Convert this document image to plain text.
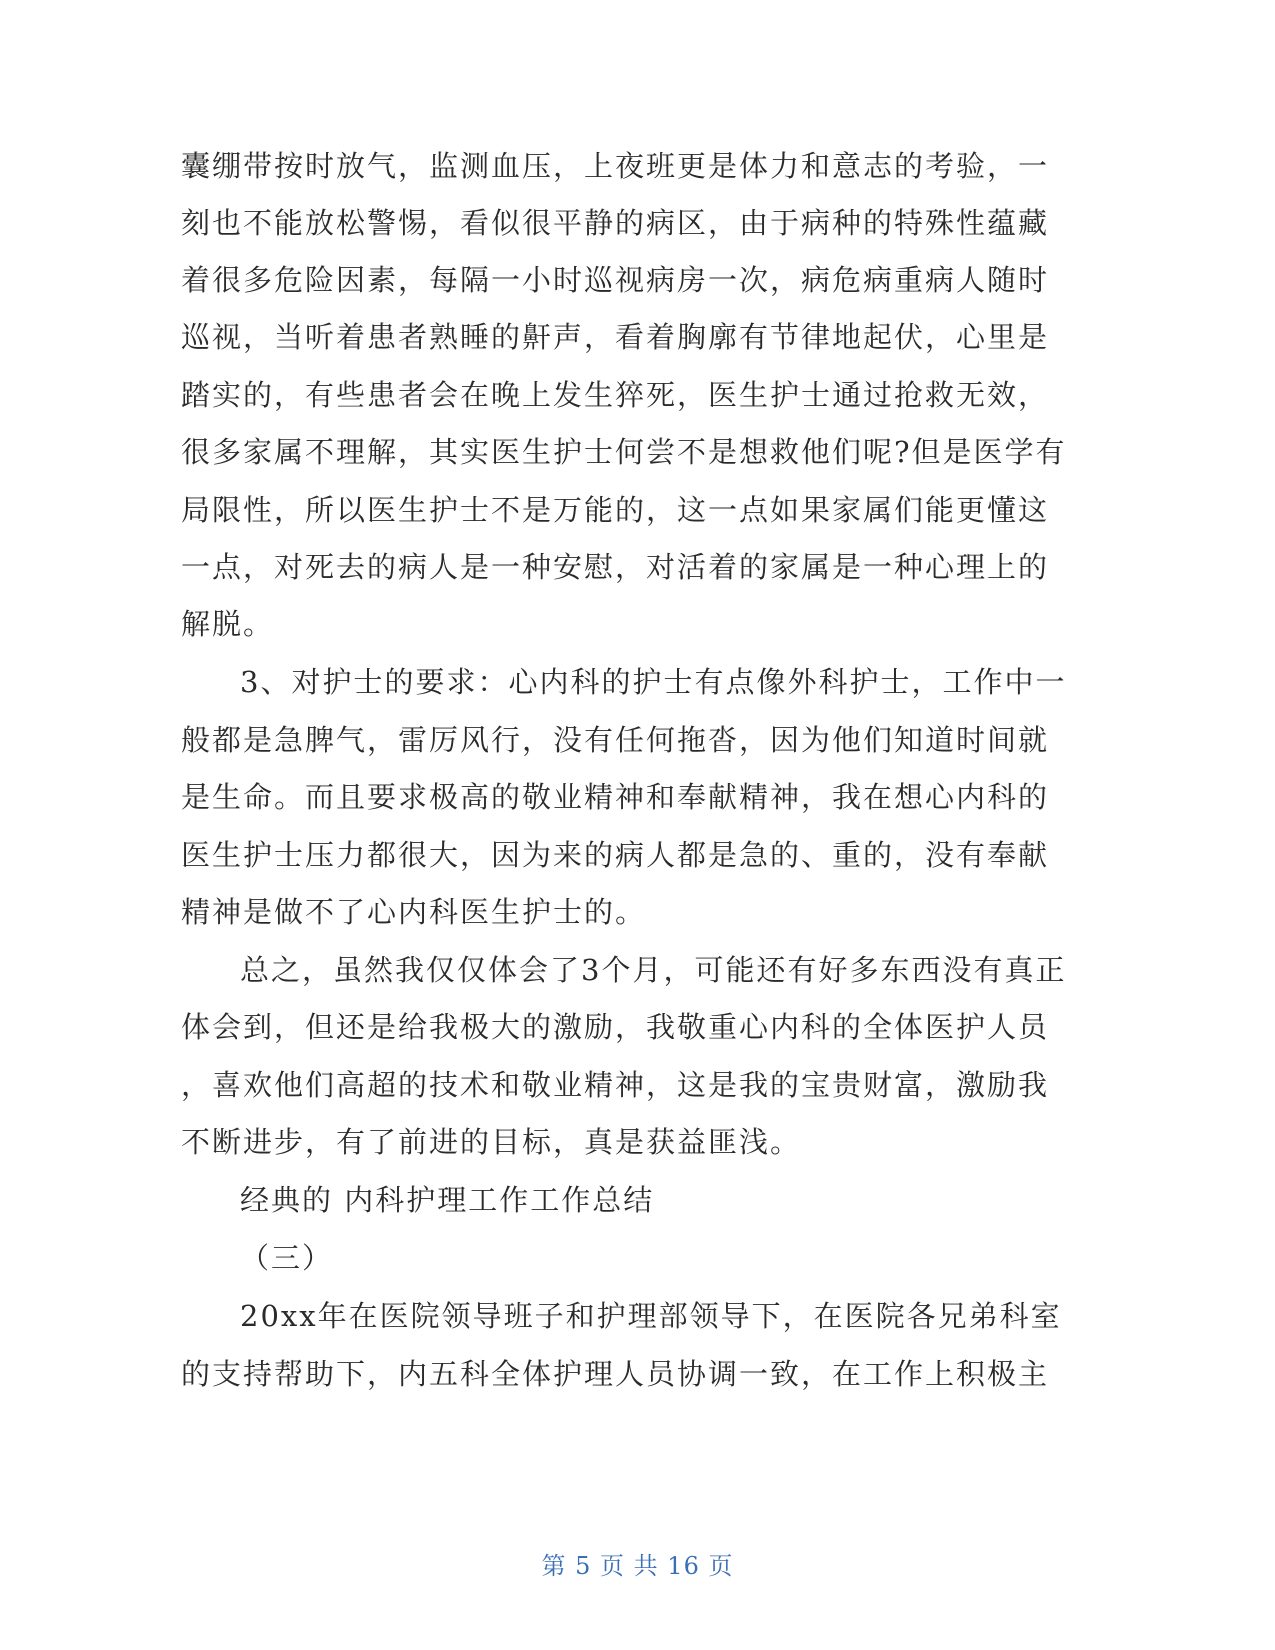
囊绷带按时放气，监测血压，上夜班更是体力和意志的考验，一
刻也不能放松警惕，看似很平静的病区，由于病种的特殊性蕴藏
着很多危险因素，每隔一小时巡视病房一次，病危病重病人随时
巡视，当听着患者熟睡的鼾声，看着胸廓有节律地起伏，心里是
踏实的，有些患者会在晚上发生猝死，医生护士通过抢救无效，
很多家属不理解，其实医生护士何尝不是想救他们呢?但是医学有
局限性，所以医生护士不是万能的，这一点如果家属们能更懂这
一点，对死去的病人是一种安慰，对活着的家属是一种心理上的
解脱。
3、对护士的要求：心内科的护士有点像外科护士，工作中一
般都是急脾气，雷厉风行，没有任何拖沓，因为他们知道时间就
是生命。而且要求极高的敬业精神和奉献精神，我在想心内科的
医生护士压力都很大，因为来的病人都是急的、重的，没有奉献
精神是做不了心内科医生护士的。
总之，虽然我仅仅体会了3个月，可能还有好多东西没有真正
体会到，但还是给我极大的激励，我敬重心内科的全体医护人员
，喜欢他们高超的技术和敬业精神，这是我的宝贵财富，激励我
不断进步，有了前进的目标，真是获益匪浅。
经典的 内科护理工作工作总结
（三）
20xx年在医院领导班子和护理部领导下，在医院各兄弟科室
的支持帮助下，内五科全体护理人员协调一致，在工作上积极主
第 5 页 共 16 页
